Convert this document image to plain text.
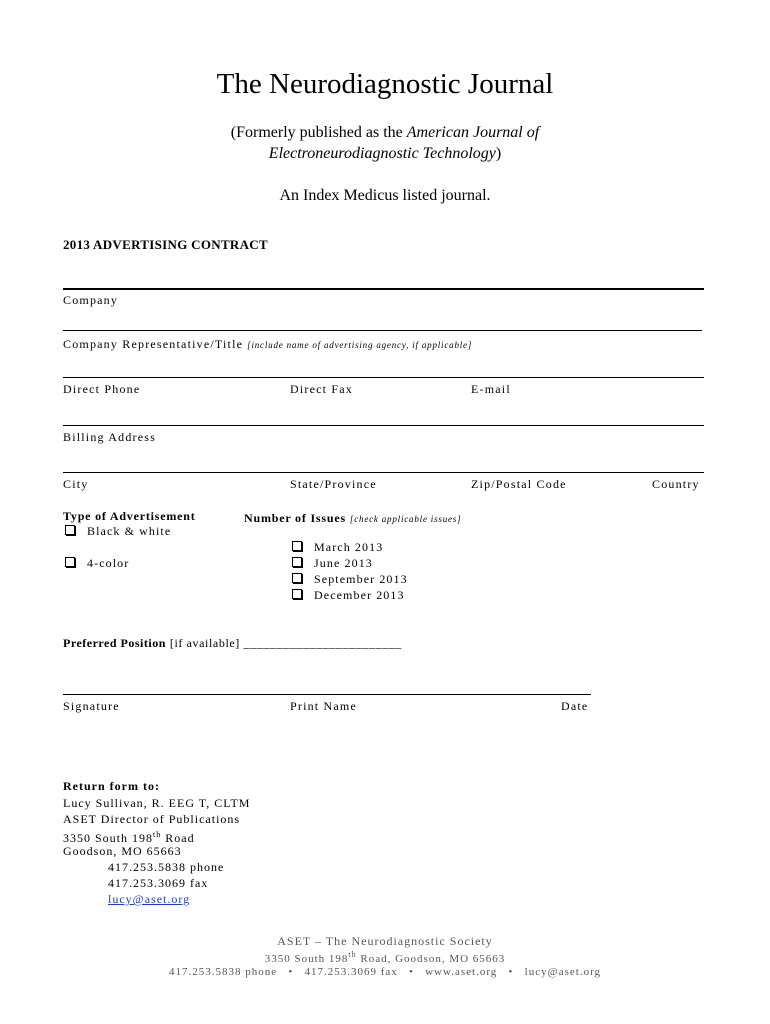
The Neurodiagnostic Journal
(Formerly published as the American Journal of
Electroneurodiagnostic Technology)
An Index Medicus listed journal.
2013 ADVERTISING CONTRACT
Company
Company Representative/Title [include name of advertising agency, if applicable]
Direct Phone	Direct Fax	E-mail
Billing Address
City	State/Province	Zip/Postal Code	Country
Type of Advertisement
Black & white
4-color
Number of Issues [check applicable issues]
March 2013
June 2013
September 2013
December 2013
Preferred Position [if available] ________________________
Signature	Print Name	Date
Return form to:
Lucy Sullivan, R. EEG T, CLTM
ASET Director of Publications
3350 South 198th Road
Goodson, MO 65663
417.253.5838 phone
417.253.3069 fax
lucy@aset.org
ASET – The Neurodiagnostic Society
3350 South 198th Road, Goodson, MO 65663
417.253.5838 phone • 417.253.3069 fax • www.aset.org • lucy@aset.org
